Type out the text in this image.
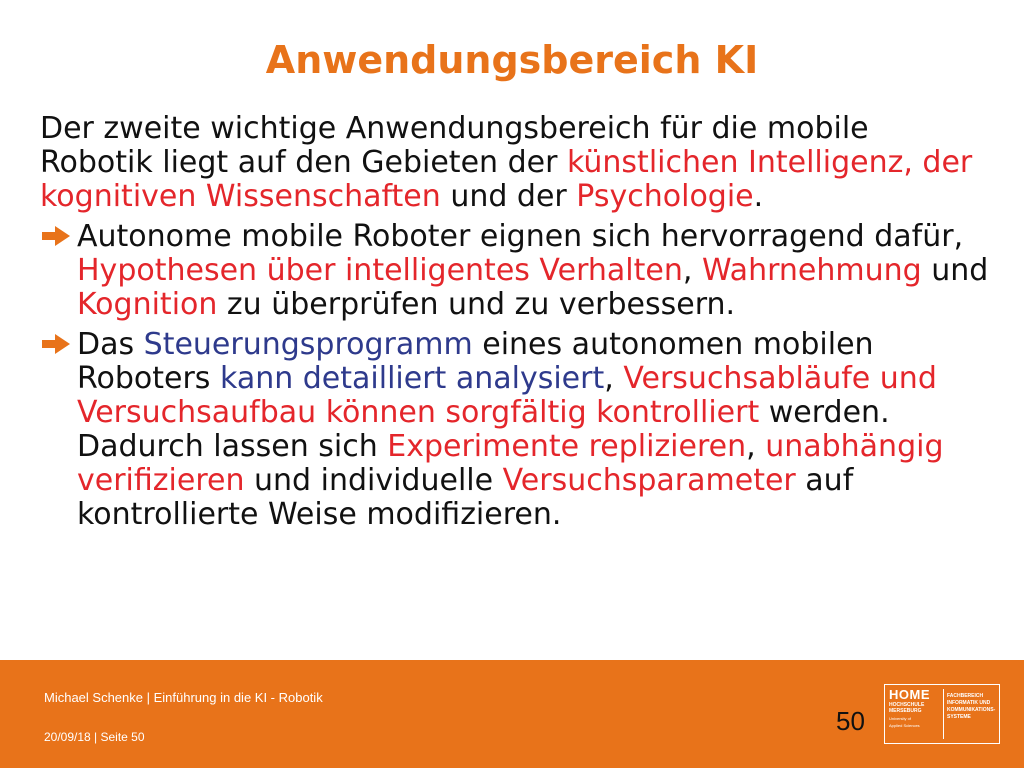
Anwendungsbereich KI

Der zweite wichtige Anwendungsbereich für die mobile Robotik liegt auf den Gebieten der künstlichen Intelligenz, der kognitiven Wissenschaften und der Psychologie.

Autonome mobile Roboter eignen sich hervorragend dafür, Hypothesen über intelligentes Verhalten, Wahrnehmung und Kognition zu überprüfen und zu verbessern.
Das Steuerungsprogramm eines autonomen mobilen Roboters kann detailliert analysiert, Versuchsabläufe und Versuchsaufbau können sorgfältig kontrolliert werden. Dadurch lassen sich Experimente replizieren, unabhängig verifizieren und individuelle Versuchsparameter auf kontrollierte Weise modifizieren.
Michael Schenke | Einführung in die KI - Robotik
20/09/18 | Seite 50
50
HOME
HOCHSCHULE
MERSEBURG
University of
Applied Sciences
FACHBEREICH
INFORMATIK UND
KOMMUNIKATIONS-
SYSTEME
